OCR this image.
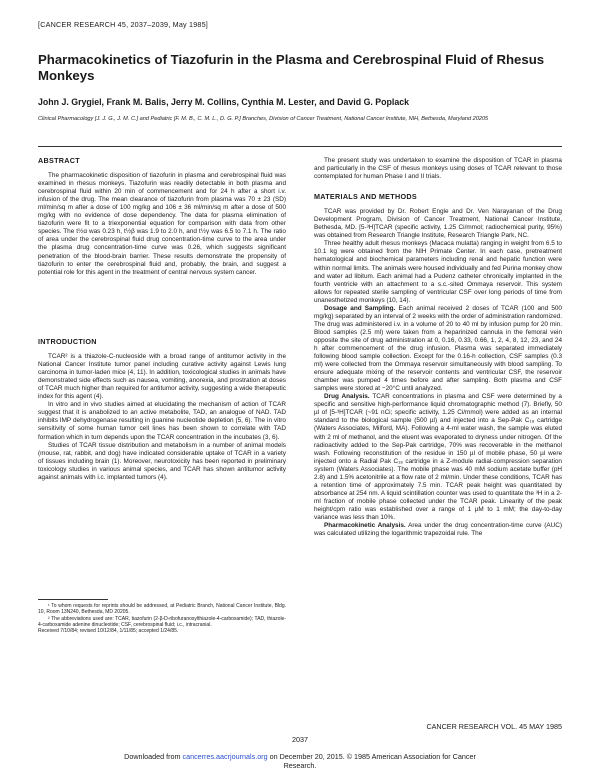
[CANCER RESEARCH 45, 2037–2039, May 1985]
Pharmacokinetics of Tiazofurin in the Plasma and Cerebrospinal Fluid of Rhesus Monkeys
John J. Grygiel, Frank M. Balis, Jerry M. Collins, Cynthia M. Lester, and David G. Poplack
Clinical Pharmacology [J. J. G., J. M. C.] and Pediatric [F. M. B., C. M. L., D. G. P.] Branches, Division of Cancer Treatment, National Cancer Institute, NIH, Bethesda, Maryland 20205
ABSTRACT

The pharmacokinetic disposition of tiazofurin in plasma and cerebrospinal fluid was examined in rhesus monkeys. Tiazofurin was readily detectable in both plasma and cerebrospinal fluid within 20 min of commencement and for 24 h after a short i.v. infusion of the drug. The mean clearance of tiazofurin from plasma was 70 ± 23 (SD) ml/min/sq m after a dose of 100 mg/kg and 106 ± 36 ml/min/sq m after a dose of 500 mg/kg with no evidence of dose dependency. The data for plasma elimination of tiazofurin were fit to a triexponential equation for comparison with data from other species. The t½α was 0.23 h, t½β was 1.9 to 2.0 h, and t½γ was 6.5 to 7.1 h. The ratio of area under the cerebrospinal fluid drug concentration-time curve to the area under the plasma drug concentration-time curve was 0.26, which suggests significant penetration of the blood-brain barrier. These results demonstrate the propensity of tiazofurin to enter the cerebrospinal fluid and, probably, the brain, and suggest a potential role for this agent in the treatment of central nervous system cancer.

INTRODUCTION

TCAR² is a thiazole-C-nucleoside with a broad range of antitumor activity in the National Cancer Institute tumor panel including curative activity against Lewis lung carcinoma in tumor-laden mice (4, 11). In addition, toxicological studies in animals have demonstrated side effects such as nausea, vomiting, anorexia, and prostration at doses of TCAR much higher than required for antitumor activity, suggesting a wide therapeutic index for this agent (4).

In vitro and in vivo studies aimed at elucidating the mechanism of action of TCAR suggest that it is anabolized to an active metabolite, TAD, an analogue of NAD. TAD inhibits IMP dehydrogenase resulting in guanine nucleotide depletion (5, 6). The in vitro sensitivity of some human tumor cell lines has been shown to correlate with TAD formation which in turn depends upon the TCAR concentration in the incubates (3, 6).

Studies of TCAR tissue distribution and metabolism in a number of animal models (mouse, rat, rabbit, and dog) have indicated considerable uptake of TCAR in a variety of tissues including brain (1). Moreover, neurotoxicity has been reported in preliminary toxicology studies in various animal species, and TCAR has shown antitumor activity against animals with i.c. implanted tumors (4).

¹ To whom requests for reprints should be addressed, at Pediatric Branch, National Cancer Institute, Bldg. 10, Room 13N240, Bethesda, MD 20205.

² The abbreviations used are: TCAR, tiazofurin (2-β-D-ribofuranosylthiazole-4-carboxamide); TAD, thiazole-4-carboxamide adenine dinucleotide; CSF, cerebrospinal fluid; i.c., intracranial.

Received 7/10/84; revised 10/12/84, 1/11/85; accepted 1/24/85.

The present study was undertaken to examine the disposition of TCAR in plasma and particularly in the CSF of rhesus monkeys using doses of TCAR relevant to those contemplated for human Phase I and II trials.

MATERIALS AND METHODS

TCAR was provided by Dr. Robert Engle and Dr. Ven Narayanan of the Drug Development Program, Division of Cancer Treatment, National Cancer Institute, Bethesda, MD. [5-³H]TCAR (specific activity, 1.25 Ci/mmol; radiochemical purity, 95%) was obtained from Research Triangle Institute, Research Triangle Park, NC.

Three healthy adult rhesus monkeys (Macaca mulatta) ranging in weight from 6.5 to 10.1 kg were obtained from the NIH Primate Center. In each case, pretreatment hematological and biochemical parameters including renal and hepatic function were within normal limits. The animals were housed individually and fed Purina monkey chow and water ad libitum. Each animal had a Pudenz catheter chronically implanted in the fourth ventricle with an attachment to a s.c.-sited Ommaya reservoir. This system allows for repeated sterile sampling of ventricular CSF over long periods of time from unanesthetized monkeys (10, 14).

Dosage and Sampling. Each animal received 2 doses of TCAR (100 and 500 mg/kg) separated by an interval of 2 weeks with the order of administration randomized. The drug was administered i.v. in a volume of 20 to 40 ml by infusion pump for 20 min. Blood samples (2.5 ml) were taken from a heparinized cannula in the femoral vein opposite the site of drug administration at 0, 0.16, 0.33, 0.66, 1, 2, 4, 8, 12, 23, and 24 h after commencement of the drug infusion. Plasma was separated immediately following blood sample collection. Except for the 0.16-h collection, CSF samples (0.3 ml) were collected from the Ommaya reservoir simultaneously with blood sampling. To ensure adequate mixing of the reservoir contents and ventricular CSF, the reservoir chamber was pumped 4 times before and after sampling. Both plasma and CSF samples were stored at −20°C until analyzed.

Drug Analysis. TCAR concentrations in plasma and CSF were determined by a specific and sensitive high-performance liquid chromatographic method (7). Briefly, 50 µl of [5-³H]TCAR (~91 nCi; specific activity, 1.25 Ci/mmol) were added as an internal standard to the biological sample (500 µl) and injected into a Sep-Pak C₁₈ cartridge (Waters Associates, Milford, MA). Following a 4-ml water wash, the sample was eluted with 2 ml of methanol, and the eluent was evaporated to dryness under nitrogen. Of the radioactivity added to the Sep-Pak cartridge, 70% was recoverable in the methanol wash. Following reconstitution of the residue in 150 µl of mobile phase, 50 µl were injected onto a Radial Pak C₁₈ cartridge in a Z-module radial-compression separation system (Waters Associates). The mobile phase was 40 mM sodium acetate buffer (pH 2.8) and 1.5% acetonitrile at a flow rate of 2 ml/min. Under these conditions, TCAR has a retention time of approximately 7.5 min. TCAR peak height was quantitated by absorbance at 254 nm. A liquid scintillation counter was used to quantitate the ³H in a 2-ml fraction of mobile phase collected under the TCAR peak. Linearity of the peak height/cpm ratio was established over a range of 1 µM to 1 mM; the day-to-day variance was less than 10%.

Pharmacokinetic Analysis. Area under the drug concentration-time curve (AUC) was calculated utilizing the logarithmic trapezoidal rule. The

CANCER RESEARCH VOL. 45 MAY 1985
2037
Downloaded from cancerres.aacrjournals.org on December 20, 2015. © 1985 American Association for Cancer
Research.
